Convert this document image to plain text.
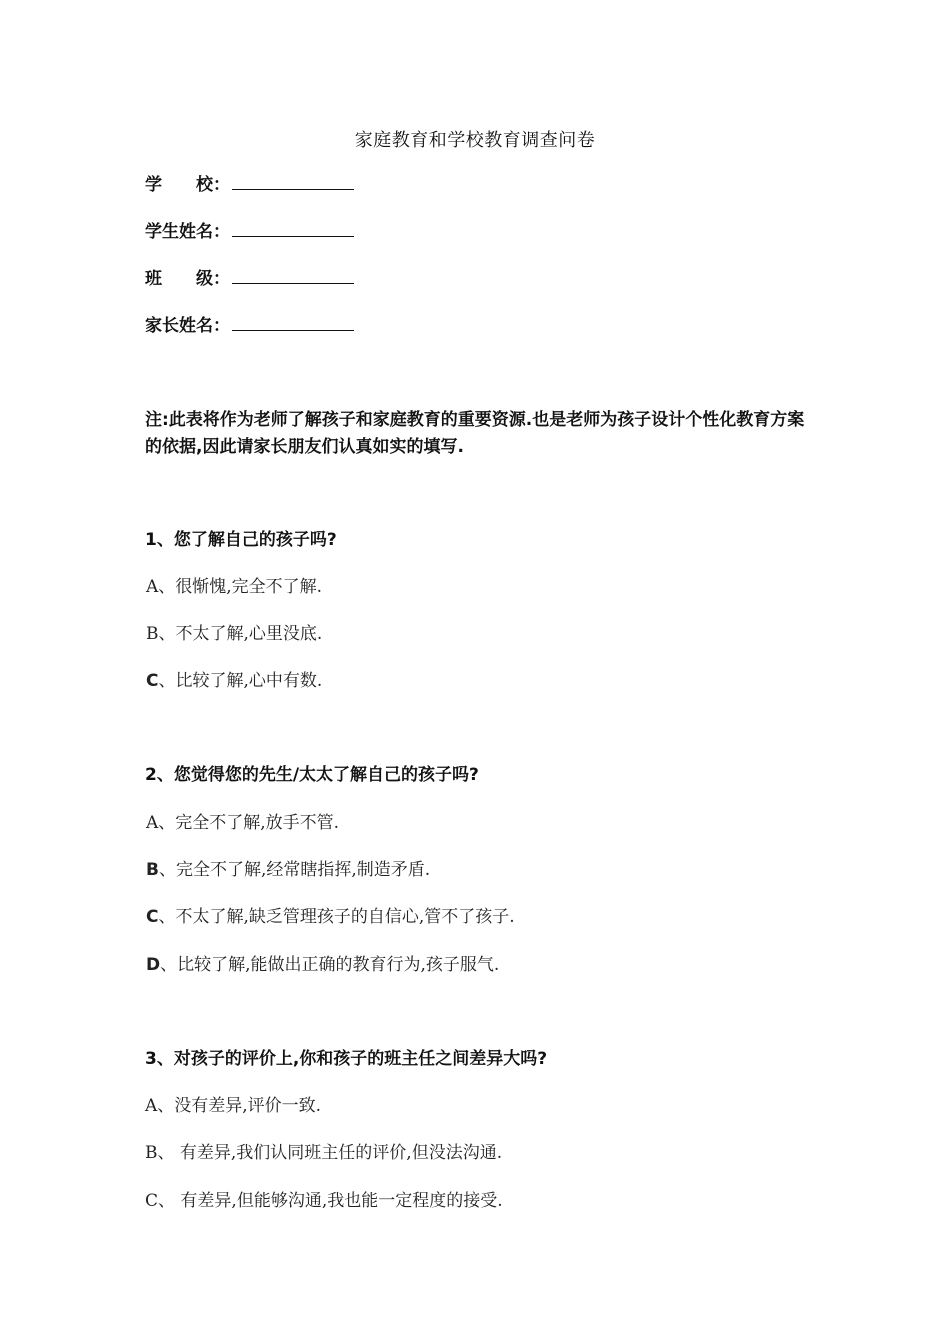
家庭教育和学校教育调查问卷
学　　校：
学生姓名：
班　　级：
家长姓名：
注:此表将作为老师了解孩子和家庭教育的重要资源.也是老师为孩子设计个性化教育方案的依据,因此请家长朋友们认真如实的填写.
1、您了解自己的孩子吗?
A、很惭愧,完全不了解.
B、不太了解,心里没底.
C、比较了解,心中有数.
2、您觉得您的先生/太太了解自己的孩子吗?
A、完全不了解,放手不管.
B、完全不了解,经常瞎指挥,制造矛盾.
C、不太了解,缺乏管理孩子的自信心,管不了孩子.
D、比较了解,能做出正确的教育行为,孩子服气.
3、对孩子的评价上,你和孩子的班主任之间差异大吗?
A、没有差异,评价一致.
B、 有差异,我们认同班主任的评价,但没法沟通.
C、 有差异,但能够沟通,我也能一定程度的接受.
